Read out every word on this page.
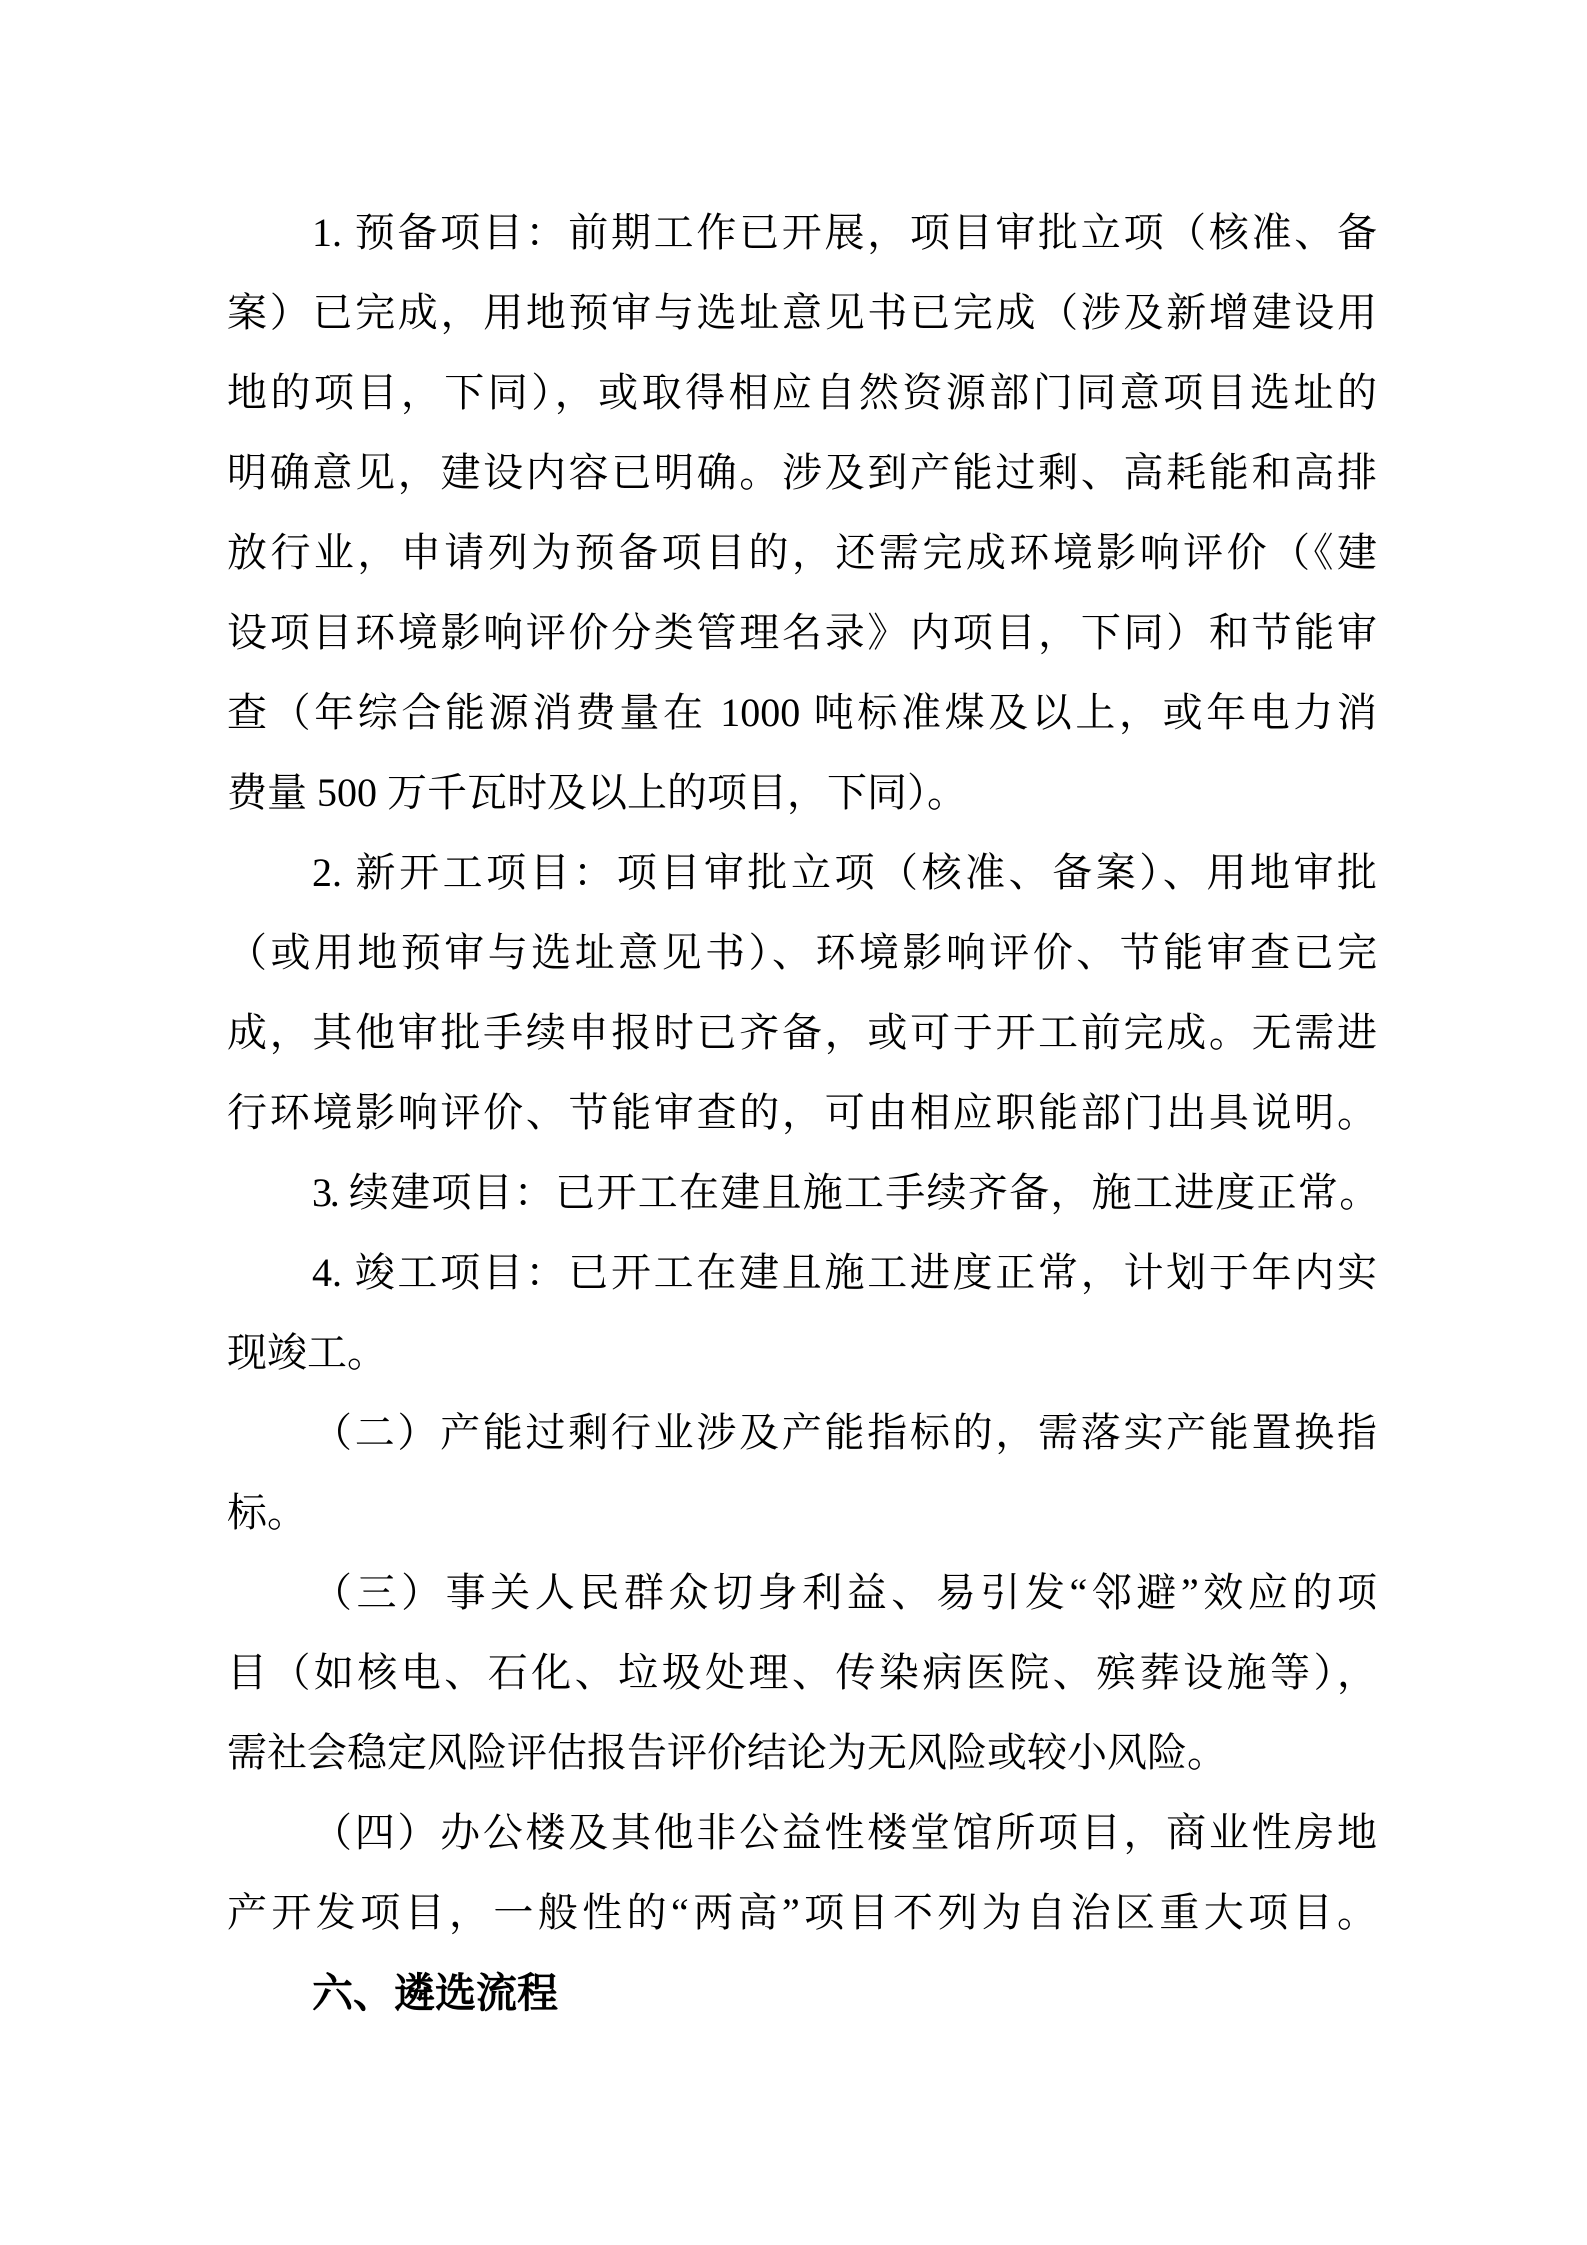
1. 预备项目：前期工作已开展，项目审批立项（核准、备
案）已完成，用地预审与选址意见书已完成（涉及新增建设用
地的项目，下同），或取得相应自然资源部门同意项目选址的
明确意见，建设内容已明确。涉及到产能过剩、高耗能和高排
放行业，申请列为预备项目的，还需完成环境影响评价（《建
设项目环境影响评价分类管理名录》内项目，下同）和节能审
查（年综合能源消费量在 1000 吨标准煤及以上，或年电力消
费量 500 万千瓦时及以上的项目，下同）。
2. 新开工项目：项目审批立项（核准、备案）、用地审批
（或用地预审与选址意见书）、环境影响评价、节能审查已完
成，其他审批手续申报时已齐备，或可于开工前完成。无需进
行环境影响评价、节能审查的，可由相应职能部门出具说明。
3. 续建项目：已开工在建且施工手续齐备，施工进度正常。
4. 竣工项目：已开工在建且施工进度正常，计划于年内实
现竣工。
（二）产能过剩行业涉及产能指标的，需落实产能置换指
标。
（三）事关人民群众切身利益、易引发“邻避”效应的项
目（如核电、石化、垃圾处理、传染病医院、殡葬设施等），
需社会稳定风险评估报告评价结论为无风险或较小风险。
（四）办公楼及其他非公益性楼堂馆所项目，商业性房地
产开发项目，一般性的“两高”项目不列为自治区重大项目。
六、遴选流程
